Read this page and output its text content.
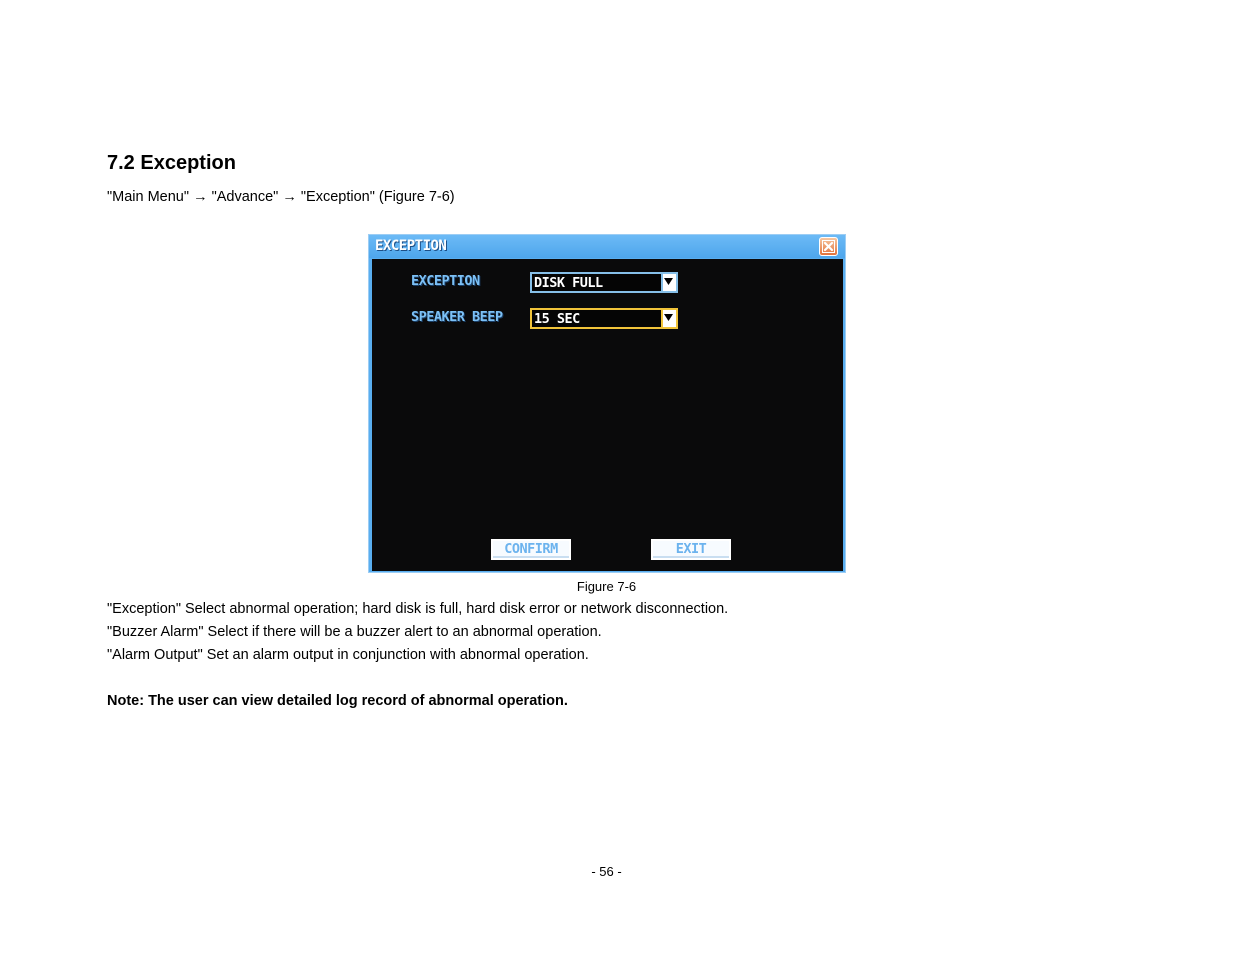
7.2 Exception
"Main Menu" → "Advance" → "Exception" (Figure 7-6)
EXCEPTION
EXCEPTION	DISK FULL
SPEAKER BEEP 15 SEC
CONFIRM	EXIT
Figure 7-6
"Exception" Select abnormal operation; hard disk is full, hard disk error or network disconnection.
"Buzzer Alarm" Select if there will be a buzzer alert to an abnormal operation.
"Alarm Output" Set an alarm output in conjunction with abnormal operation.
Note: The user can view detailed log record of abnormal operation.
- 56 -
